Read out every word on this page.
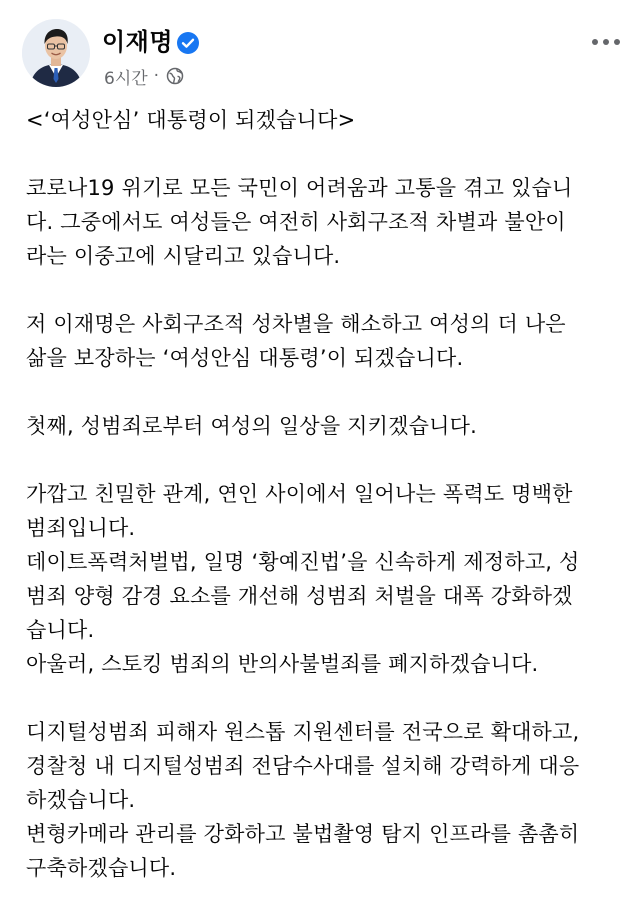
이재명
6시간 ·

<‘여성안심’ 대통령이 되겠습니다>

코로나19 위기로 모든 국민이 어려움과 고통을 겪고 있습니

다. 그중에서도 여성들은 여전히 사회구조적 차별과 불안이

라는 이중고에 시달리고 있습니다.

저 이재명은 사회구조적 성차별을 해소하고 여성의 더 나은

삶을 보장하는 ‘여성안심 대통령’이 되겠습니다.

첫째, 성범죄로부터 여성의 일상을 지키겠습니다.

가깝고 친밀한 관계, 연인 사이에서 일어나는 폭력도 명백한

범죄입니다.

데이트폭력처벌법, 일명 ‘황예진법’을 신속하게 제정하고, 성

범죄 양형 감경 요소를 개선해 성범죄 처벌을 대폭 강화하겠

습니다.

아울러, 스토킹 범죄의 반의사불벌죄를 폐지하겠습니다.

디지털성범죄 피해자 원스톱 지원센터를 전국으로 확대하고,

경찰청 내 디지털성범죄 전담수사대를 설치해 강력하게 대응

하겠습니다.

변형카메라 관리를 강화하고 불법촬영 탐지 인프라를 촘촘히

구축하겠습니다.
